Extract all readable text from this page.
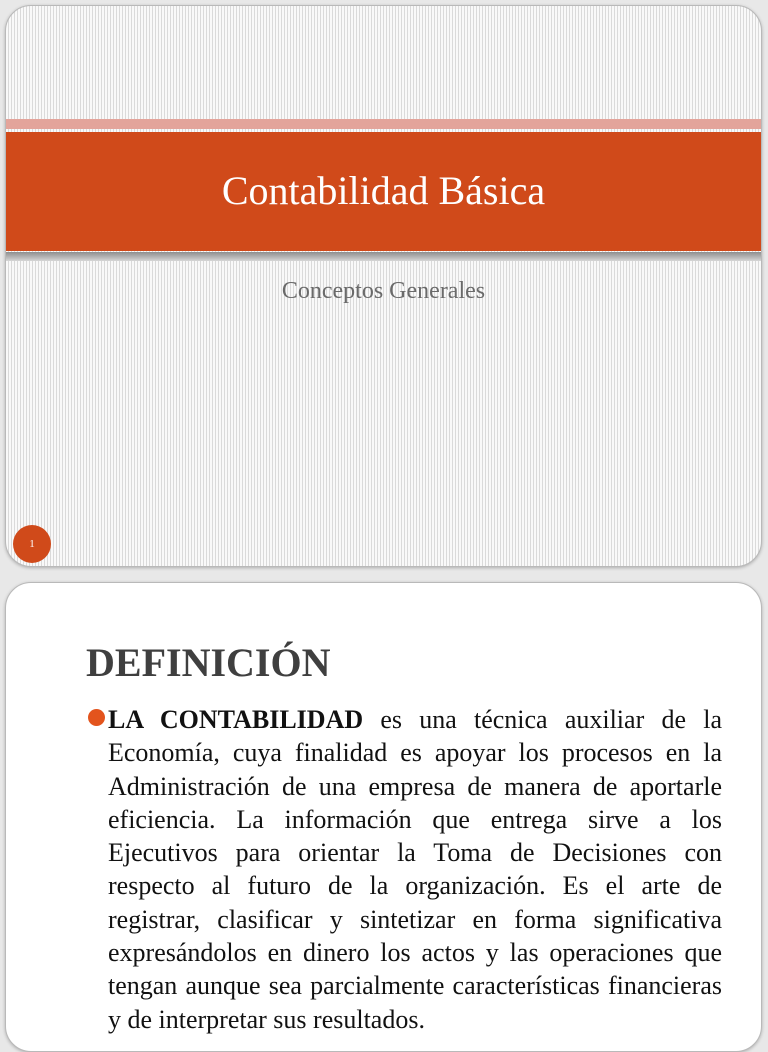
Contabilidad Básica
Conceptos Generales
1
DEFINICIÓN

LA CONTABILIDAD es una técnica auxiliar de la Economía, cuya finalidad es apoyar los procesos en la Administración de una empresa de manera de aportarle eficiencia. La información que entrega sirve a los Ejecutivos para orientar la Toma de Decisiones con respecto al futuro de la organización. Es el arte de registrar, clasificar y sintetizar en forma significativa expresándolos en dinero los actos y las operaciones que tengan aunque sea parcialmente características financieras y de interpretar sus resultados.
